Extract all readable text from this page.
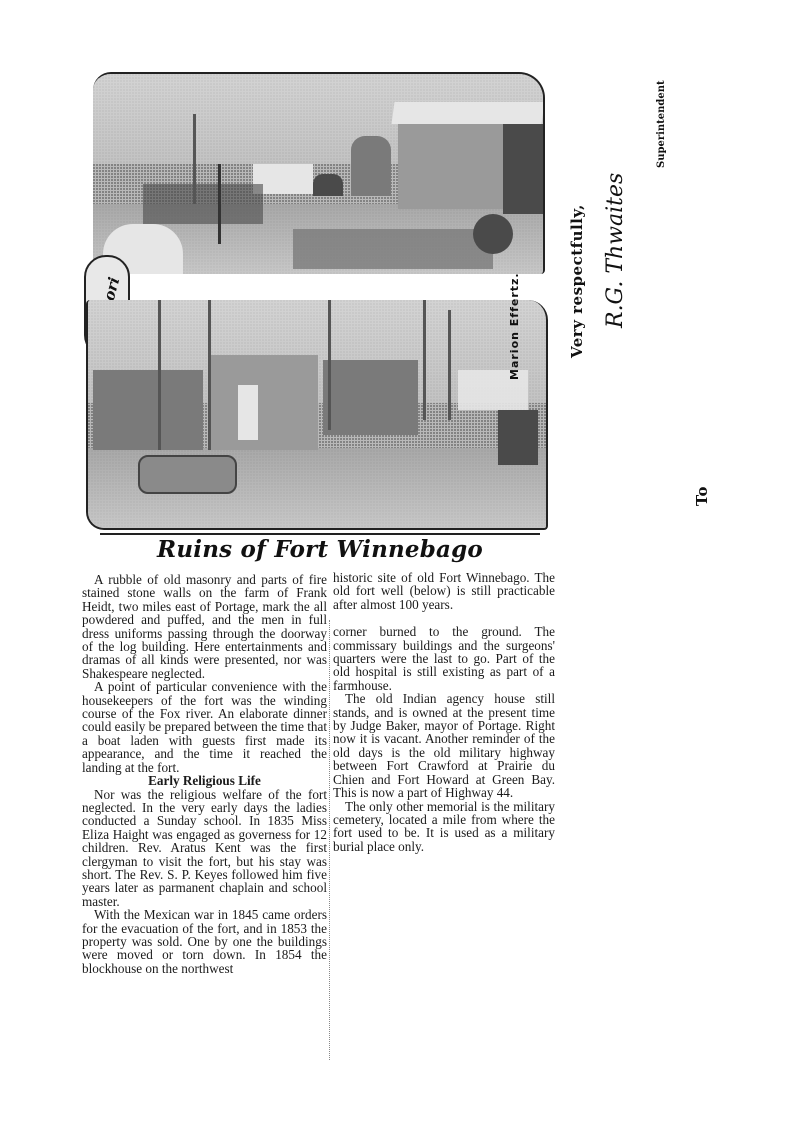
Marion Effertz.
Ruins of Fort Winnebago

A rubble of old masonry and parts of fire stained stone walls on the farm of Frank Heidt, two miles east of Portage, mark the all powdered and puffed, and the men in full dress uniforms passing through the doorway of the log building. Here entertainments and dramas of all kinds were presented, nor was Shakespeare neglected.

A point of particular convenience with the housekeepers of the fort was the winding course of the Fox river. An elaborate dinner could easily be prepared between the time that a boat laden with guests first made its appearance, and the time it reached the landing at the fort.

Early Religious Life

Nor was the religious welfare of the fort neglected. In the very early days the ladies conducted a Sunday school. In 1835 Miss Eliza Haight was engaged as governess for 12 children. Rev. Aratus Kent was the first clergyman to visit the fort, but his stay was short. The Rev. S. P. Keyes followed him five years later as parmanent chaplain and school master.

With the Mexican war in 1845 came orders for the evacuation of the fort, and in 1853 the property was sold. One by one the buildings were moved or torn down. In 1854 the blockhouse on the northwest

historic site of old Fort Winnebago. The old fort well (below) is still practicable after almost 100 years.

corner burned to the ground. The commissary buildings and the surgeons' quarters were the last to go. Part of the old hospital is still existing as part of a farmhouse.

The old Indian agency house still stands, and is owned at the present time by Judge Baker, mayor of Portage. Right now it is vacant. Another reminder of the old days is the old military highway between Fort Crawford at Prairie du Chien and Fort Howard at Green Bay. This is now a part of Highway 44.

The only other memorial is the military cemetery, located a mile from where the fort used to be. It is used as a military burial place only.

Very respectfully, R.G. Thwaites
Superintendent
To
